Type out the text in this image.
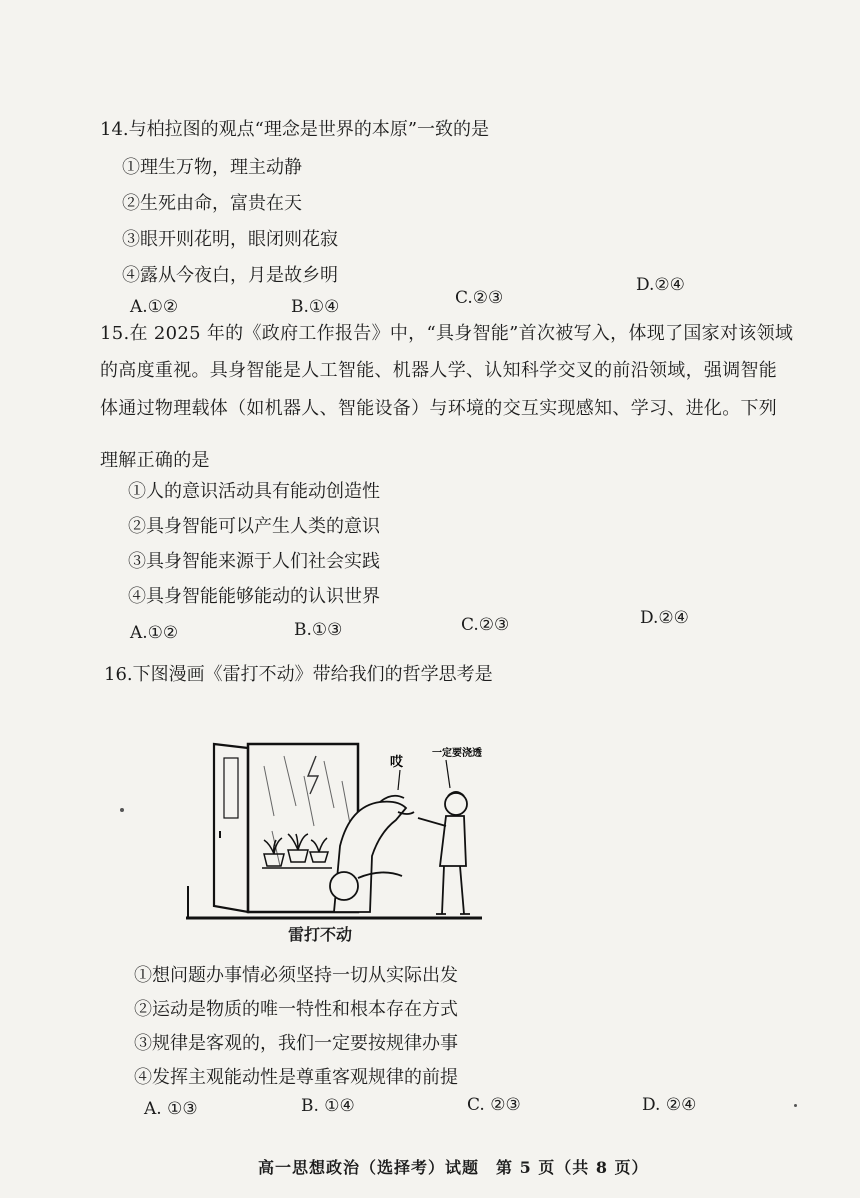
14.与柏拉图的观点“理念是世界的本原”一致的是
①理生万物，理主动静
②生死由命，富贵在天
③眼开则花明，眼闭则花寂
④露从今夜白，月是故乡明
A.①②	B.①④	C.②③
D.②④
15.在 2025 年的《政府工作报告》中，“具身智能”首次被写入，体现了国家对该领域
的高度重视。具身智能是人工智能、机器人学、认知科学交叉的前沿领域，强调智能
体通过物理载体（如机器人、智能设备）与环境的交互实现感知、学习、进化。下列
理解正确的是
①人的意识活动具有能动创造性
②具身智能可以产生人类的意识
③具身智能来源于人们社会实践
④具身智能能够能动的认识世界
A.①②	B.①③	C.②③	D.②④
16.下图漫画《雷打不动》带给我们的哲学思考是
哎
一定要浇透
雷打不动
①想问题办事情必须坚持一切从实际出发
②运动是物质的唯一特性和根本存在方式
③规律是客观的，我们一定要按规律办事
④发挥主观能动性是尊重客观规律的前提
A. ①③	B. ①④	C. ②③	D. ②④
高一思想政治（选择考）试题　第 5 页（共 8 页）
